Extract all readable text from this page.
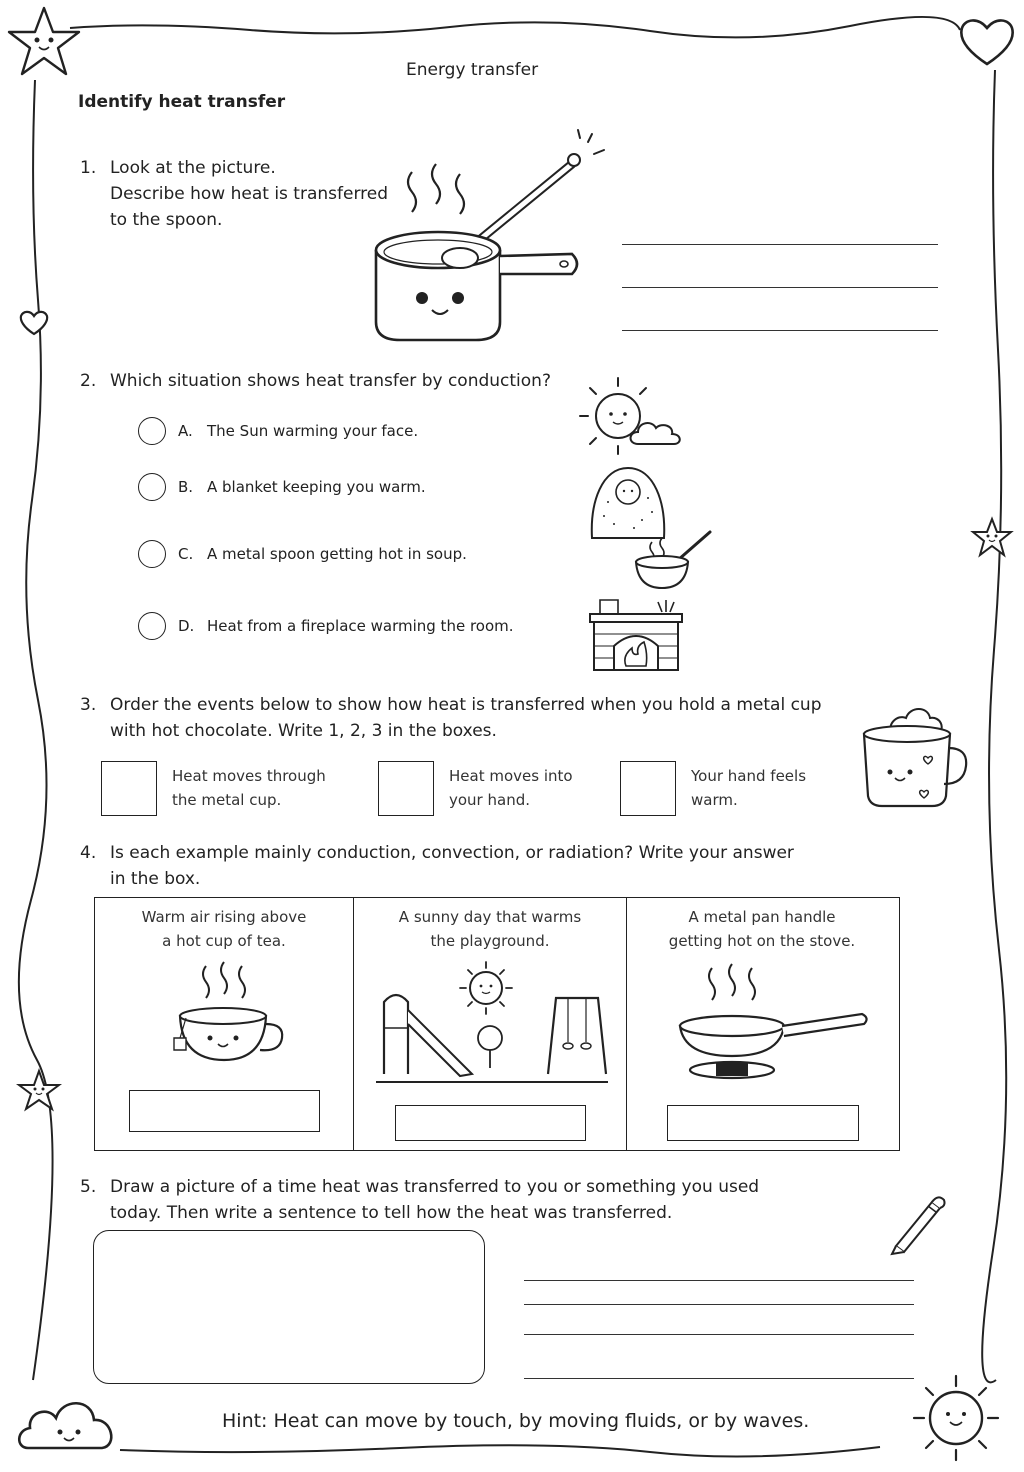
Energy transfer
Identify heat transfer
1. Look at the picture.
Describe how heat is transferred
to the spoon.
2. Which situation shows heat transfer by conduction?
A. The Sun warming your face.
B. A blanket keeping you warm.
C. A metal spoon getting hot in soup.
D. Heat from a fireplace warming the room.
3. Order the events below to show how heat is transferred when you hold a metal cup
with hot chocolate. Write 1, 2, 3 in the boxes.
Heat moves through
the metal cup.
Heat moves into
your hand.
Your hand feels
warm.
4. Is each example mainly conduction, convection, or radiation? Write your answer
in the box.
Warm air rising above
a hot cup of tea.
A sunny day that warms
the playground.
A metal pan handle
getting hot on the stove.
5. Draw a picture of a time heat was transferred to you or something you used
today. Then write a sentence to tell how the heat was transferred.
Hint: Heat can move by touch, by moving fluids, or by waves.
